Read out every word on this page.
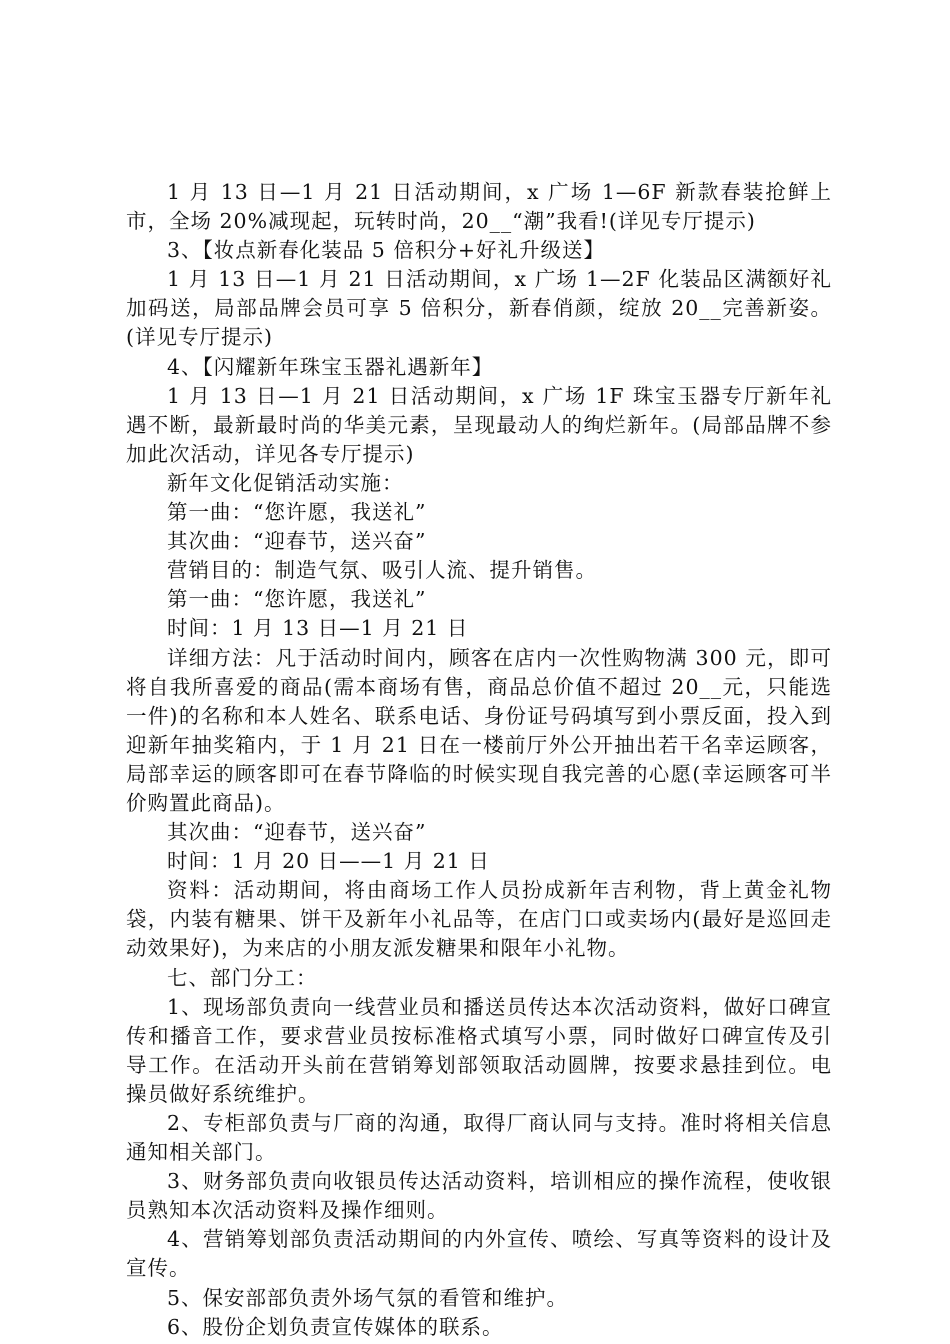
1 月 13 日—1 月 21 日活动期间，x 广场 1—6F 新款春装抢鲜上市，全场 20%减现起，玩转时尚，20__“潮”我看!(详见专厅提示)

3、【妆点新春化装品 5 倍积分+好礼升级送】

1 月 13 日—1 月 21 日活动期间，x 广场 1—2F 化装品区满额好礼加码送，局部品牌会员可享 5 倍积分，新春俏颜，绽放 20__完善新姿。(详见专厅提示)

4、【闪耀新年珠宝玉器礼遇新年】

1 月 13 日—1 月 21 日活动期间，x 广场 1F 珠宝玉器专厅新年礼遇不断，最新最时尚的华美元素，呈现最动人的绚烂新年。(局部品牌不参加此次活动，详见各专厅提示)

新年文化促销活动实施：

第一曲：“您许愿，我送礼”

其次曲：“迎春节，送兴奋”

营销目的：制造气氛、吸引人流、提升销售。

第一曲：“您许愿，我送礼”

时间：1 月 13 日—1 月 21 日

详细方法：凡于活动时间内，顾客在店内一次性购物满 300 元，即可将自我所喜爱的商品(需本商场有售，商品总价值不超过 20__元，只能选一件)的名称和本人姓名、联系电话、身份证号码填写到小票反面，投入到迎新年抽奖箱内，于 1 月 21 日在一楼前厅外公开抽出若干名幸运顾客，局部幸运的顾客即可在春节降临的时候实现自我完善的心愿(幸运顾客可半价购置此商品)。

其次曲：“迎春节，送兴奋”

时间：1 月 20 日——1 月 21 日

资料：活动期间，将由商场工作人员扮成新年吉利物，背上黄金礼物袋，内装有糖果、饼干及新年小礼品等，在店门口或卖场内(最好是巡回走动效果好)，为来店的小朋友派发糖果和限年小礼物。

七、部门分工：

1、现场部负责向一线营业员和播送员传达本次活动资料，做好口碑宣传和播音工作，要求营业员按标准格式填写小票，同时做好口碑宣传及引导工作。在活动开头前在营销筹划部领取活动圆牌，按要求悬挂到位。电操员做好系统维护。

2、专柜部负责与厂商的沟通，取得厂商认同与支持。准时将相关信息通知相关部门。

3、财务部负责向收银员传达活动资料，培训相应的操作流程，使收银员熟知本次活动资料及操作细则。

4、营销筹划部负责活动期间的内外宣传、喷绘、写真等资料的设计及宣传。

5、保安部部负责外场气氛的看管和维护。

6、股份企划负责宣传媒体的联系。
